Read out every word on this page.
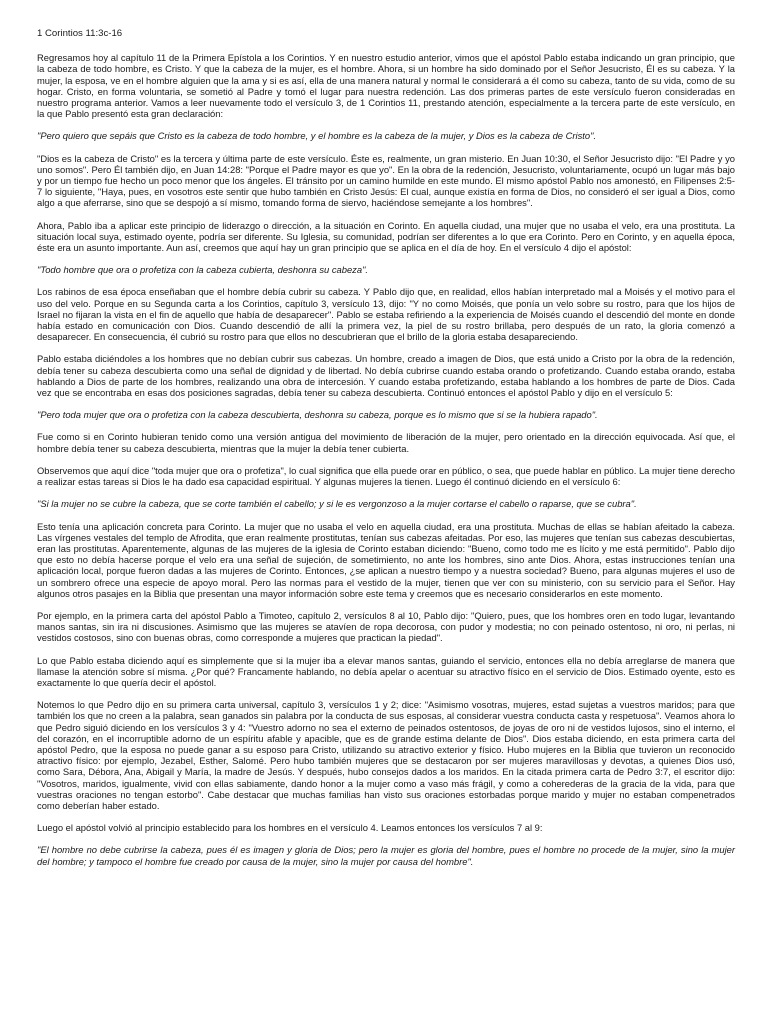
1 Corintios 11:3c-16

Regresamos hoy al capítulo 11 de la Primera Epístola a los Corintios. Y en nuestro estudio anterior, vimos que el apóstol Pablo estaba indicando un gran principio, que la cabeza de todo hombre, es Cristo. Y que la cabeza de la mujer, es el hombre. Ahora, si un hombre ha sido dominado por el Señor Jesucristo, Él es su cabeza. Y la mujer, la esposa, ve en el hombre alguien que la ama y si es así, ella de una manera natural y normal le considerará a él como su cabeza, tanto de su vida, como de su hogar. Cristo, en forma voluntaria, se sometió al Padre y tomó el lugar para nuestra redención. Las dos primeras partes de este versículo fueron consideradas en nuestro programa anterior. Vamos a leer nuevamente todo el versículo 3, de 1 Corintios 11, prestando atención, especialmente a la tercera parte de este versículo, en la que Pablo presentó esta gran declaración:

"Pero quiero que sepáis que Cristo es la cabeza de todo hombre, y el hombre es la cabeza de la mujer, y Dios es la cabeza de Cristo".

"Dios es la cabeza de Cristo" es la tercera y última parte de este versículo. Éste es, realmente, un gran misterio. En Juan 10:30, el Señor Jesucristo dijo: "El Padre y yo uno somos". Pero Él también dijo, en Juan 14:28: "Porque el Padre mayor es que yo". En la obra de la redención, Jesucristo, voluntariamente, ocupó un lugar más bajo y por un tiempo fue hecho un poco menor que los ángeles. El tránsito por un camino humilde en este mundo. El mismo apóstol Pablo nos amonestó, en Filipenses 2:5-7 lo siguiente, "Haya, pues, en vosotros este sentir que hubo también en Cristo Jesús: El cual, aunque existía en forma de Dios, no consideró el ser igual a Dios, como algo a que aferrarse, sino que se despojó a sí mismo, tomando forma de siervo, haciéndose semejante a los hombres".

Ahora, Pablo iba a aplicar este principio de liderazgo o dirección, a la situación en Corinto. En aquella ciudad, una mujer que no usaba el velo, era una prostituta. La situación local suya, estimado oyente, podría ser diferente. Su Iglesia, su comunidad, podrían ser diferentes a lo que era Corinto. Pero en Corinto, y en aquella época, éste era un asunto importante. Aun así, creemos que aquí hay un gran principio que se aplica en el día de hoy. En el versículo 4 dijo el apóstol:

"Todo hombre que ora o profetiza con la cabeza cubierta, deshonra su cabeza".

Los rabinos de esa época enseñaban que el hombre debía cubrir su cabeza. Y Pablo dijo que, en realidad, ellos habían interpretado mal a Moisés y el motivo para el uso del velo. Porque en su Segunda carta a los Corintios, capítulo 3, versículo 13, dijo: "Y no como Moisés, que ponía un velo sobre su rostro, para que los hijos de Israel no fijaran la vista en el fin de aquello que había de desaparecer". Pablo se estaba refiriendo a la experiencia de Moisés cuando el descendió del monte en donde había estado en comunicación con Dios. Cuando descendió de allí la primera vez, la piel de su rostro brillaba, pero después de un rato, la gloria comenzó a desaparecer. En consecuencia, él cubrió su rostro para que ellos no descubrieran que el brillo de la gloria estaba desapareciendo.

Pablo estaba diciéndoles a los hombres que no debían cubrir sus cabezas. Un hombre, creado a imagen de Dios, que está unido a Cristo por la obra de la redención, debía tener su cabeza descubierta como una señal de dignidad y de libertad. No debía cubrirse cuando estaba orando o profetizando. Cuando estaba orando, estaba hablando a Dios de parte de los hombres, realizando una obra de intercesión. Y cuando estaba profetizando, estaba hablando a los hombres de parte de Dios. Cada vez que se encontraba en esas dos posiciones sagradas, debía tener su cabeza descubierta. Continuó entonces el apóstol Pablo y dijo en el versículo 5:

"Pero toda mujer que ora o profetiza con la cabeza descubierta, deshonra su cabeza, porque es lo mismo que si se la hubiera rapado".

Fue como si en Corinto hubieran tenido como una versión antigua del movimiento de liberación de la mujer, pero orientado en la dirección equivocada. Así que, el hombre debía tener su cabeza descubierta, mientras que la mujer la debía tener cubierta.

Observemos que aquí dice "toda mujer que ora o profetiza", lo cual significa que ella puede orar en público, o sea, que puede hablar en público. La mujer tiene derecho a realizar estas tareas si Dios le ha dado esa capacidad espiritual. Y algunas mujeres la tienen. Luego él continuó diciendo en el versículo 6:

"Si la mujer no se cubre la cabeza, que se corte también el cabello; y si le es vergonzoso a la mujer cortarse el cabello o raparse, que se cubra".

Esto tenía una aplicación concreta para Corinto. La mujer que no usaba el velo en aquella ciudad, era una prostituta. Muchas de ellas se habían afeitado la cabeza. Las vírgenes vestales del templo de Afrodita, que eran realmente prostitutas, tenían sus cabezas afeitadas. Por eso, las mujeres que tenían sus cabezas descubiertas, eran las prostitutas. Aparentemente, algunas de las mujeres de la iglesia de Corinto estaban diciendo: "Bueno, como todo me es lícito y me está permitido". Pablo dijo que esto no debía hacerse porque el velo era una señal de sujeción, de sometimiento, no ante los hombres, sino ante Dios. Ahora, estas instrucciones tenían una aplicación local, porque fueron dadas a las mujeres de Corinto. Entonces, ¿se aplican a nuestro tiempo y a nuestra sociedad? Bueno, para algunas mujeres el uso de un sombrero ofrece una especie de apoyo moral. Pero las normas para el vestido de la mujer, tienen que ver con su ministerio, con su servicio para el Señor. Hay algunos otros pasajes en la Biblia que presentan una mayor información sobre este tema y creemos que es necesario considerarlos en este momento.

Por ejemplo, en la primera carta del apóstol Pablo a Timoteo, capítulo 2, versículos 8 al 10, Pablo dijo: "Quiero, pues, que los hombres oren en todo lugar, levantando manos santas, sin ira ni discusiones. Asimismo que las mujeres se atavíen de ropa decorosa, con pudor y modestia; no con peinado ostentoso, ni oro, ni perlas, ni vestidos costosos, sino con buenas obras, como corresponde a mujeres que practican la piedad".

Lo que Pablo estaba diciendo aquí es simplemente que si la mujer iba a elevar manos santas, guiando el servicio, entonces ella no debía arreglarse de manera que llamase la atención sobre sí misma. ¿Por qué? Francamente hablando, no debía apelar o acentuar su atractivo físico en el servicio de Dios. Estimado oyente, esto es exactamente lo que quería decir el apóstol.

Notemos lo que Pedro dijo en su primera carta universal, capítulo 3, versículos 1 y 2; dice: "Asimismo vosotras, mujeres, estad sujetas a vuestros maridos; para que también los que no creen a la palabra, sean ganados sin palabra por la conducta de sus esposas, al considerar vuestra conducta casta y respetuosa". Veamos ahora lo que Pedro siguió diciendo en los versículos 3 y 4: "Vuestro adorno no sea el externo de peinados ostentosos, de joyas de oro ni de vestidos lujosos, sino el interno, el del corazón, en el incorruptible adorno de un espíritu afable y apacible, que es de grande estima delante de Dios". Dios estaba diciendo, en esta primera carta del apóstol Pedro, que la esposa no puede ganar a su esposo para Cristo, utilizando su atractivo exterior y físico. Hubo mujeres en la Biblia que tuvieron un reconocido atractivo físico: por ejemplo, Jezabel, Esther, Salomé. Pero hubo también mujeres que se destacaron por ser mujeres maravillosas y devotas, a quienes Dios usó, como Sara, Débora, Ana, Abigail y María, la madre de Jesús. Y después, hubo consejos dados a los maridos. En la citada primera carta de Pedro 3:7, el escritor dijo: "Vosotros, maridos, igualmente, vivid con ellas sabiamente, dando honor a la mujer como a vaso más frágil, y como a coherederas de la gracia de la vida, para que vuestras oraciones no tengan estorbo". Cabe destacar que muchas familias han visto sus oraciones estorbadas porque marido y mujer no estaban compenetrados como deberían haber estado.

Luego el apóstol volvió al principio establecido para los hombres en el versículo 4. Leamos entonces los versículos 7 al 9:

"El hombre no debe cubrirse la cabeza, pues él es imagen y gloria de Dios; pero la mujer es gloria del hombre, pues el hombre no procede de la mujer, sino la mujer del hombre; y tampoco el hombre fue creado por causa de la mujer, sino la mujer por causa del hombre".
